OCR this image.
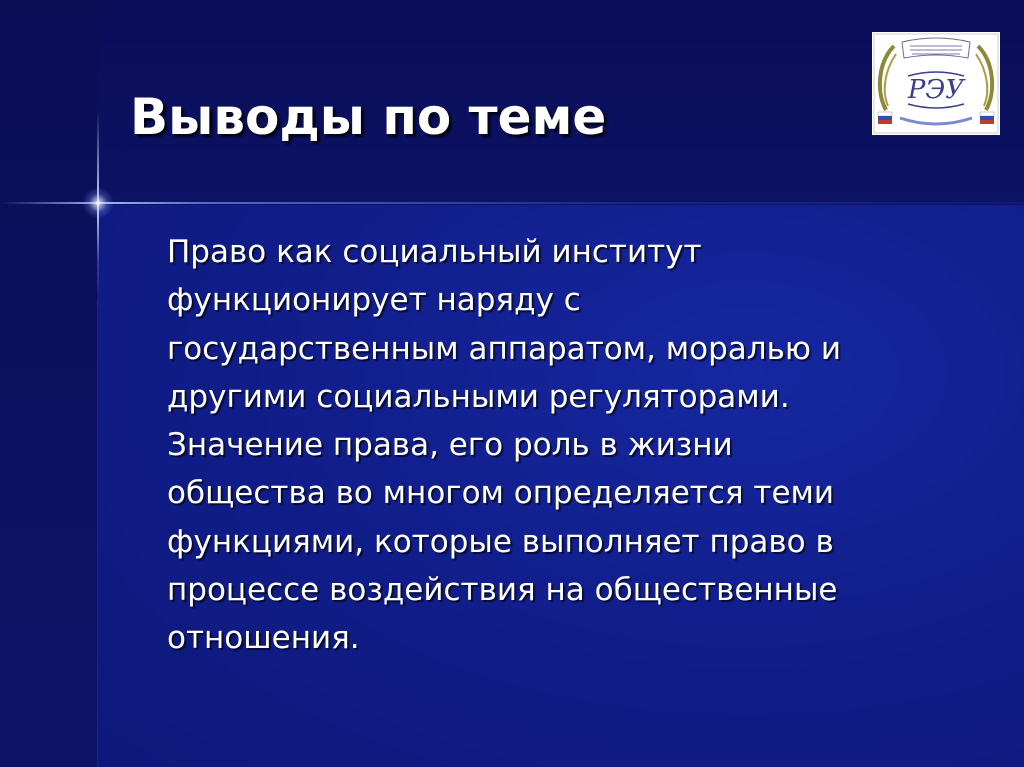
Выводы по теме	РЭУ
Право как социальный институт
функционирует наряду с
государственным аппаратом, моралью и
другими социальными регуляторами.
Значение права, его роль в жизни
общества во многом определяется теми
функциями, которые выполняет право в
процессе воздействия на общественные
отношения.
